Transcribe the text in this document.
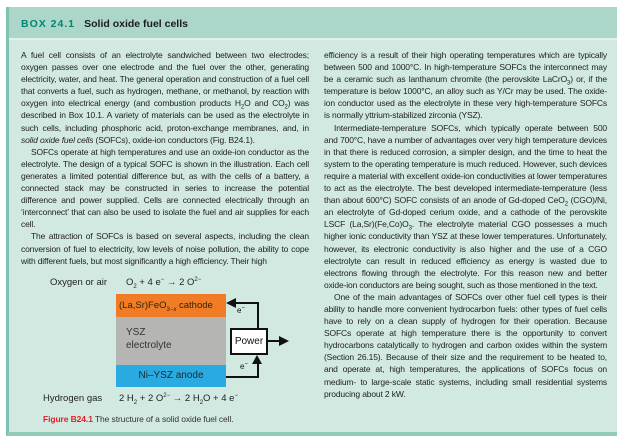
BOX 24.1 Solid oxide fuel cells

A fuel cell consists of an electrolyte sandwiched between two electrodes; oxygen passes over one electrode and the fuel over the other, generating electricity, water, and heat. The general operation and construction of a fuel cell that converts a fuel, such as hydrogen, methane, or methanol, by reaction with oxygen into electrical energy (and combustion products $H_2O$ and $CO_2$) was described in Box 10.1. A variety of materials can be used as the electrolyte in such cells, including phosphoric acid, proton-exchange membranes, and, in solid oxide fuel cells (SOFCs), oxide-ion conductors (Fig. B24.1).

SOFCs operate at high temperatures and use an oxide-ion conductor as the electrolyte. The design of a typical SOFC is shown in the illustration. Each cell generates a limited potential difference but, as with the cells of a battery, a connected stack may be constructed in series to increase the potential difference and power supplied. Cells are connected electrically through an ‘interconnect’ that can also be used to isolate the fuel and air supplies for each cell.

The attraction of SOFCs is based on several aspects, including the clean conversion of fuel to electricity, low levels of noise pollution, the ability to cope with different fuels, but most significantly a high efficiency. Their high

Oxygen or air $O_2 + 4$ e− → 2 $O^{2-}$
(La,Sr)FeO$_{3-x}$ cathode
YSZ
electrolyte
Ni–YSZ anode
e−
Power
e−
Hydrogen gas 2 $H_2 + 2$ $O^{2-} \to 2$ $H_2O + 4$ e−
Figure B24.1 The structure of a solid oxide fuel cell.

efficiency is a result of their high operating temperatures which are typically between 500 and 1000°C. In high-temperature SOFCs the interconnect may be a ceramic such as lanthanum chromite (the perovskite LaCrO$_3$) or, if the temperature is below 1000°C, an alloy such as Y/Cr may be used. The oxide-ion conductor used as the electrolyte in these very high-temperature SOFCs is normally yttrium-stabilized zirconia (YSZ).

Intermediate-temperature SOFCs, which typically operate between 500 and 700°C, have a number of advantages over very high temperature devices in that there is reduced corrosion, a simpler design, and the time to heat the system to the operating temperature is much reduced. However, such devices require a material with excellent oxide-ion conductivities at lower temperatures to act as the electrolyte. The best developed intermediate-temperature (less than about 600°C) SOFC consists of an anode of Gd-doped CeO$_2$ (CGO)/Ni, an electrolyte of Gd-doped cerium oxide, and a cathode of the perovskite LSCF $(La,Sr)(Fe,Co)O_3$. The electrolyte material CGO possesses a much higher ionic conductivity than YSZ at these lower temperatures. Unfortunately, however, its electronic conductivity is also higher and the use of a CGO electrolyte can result in reduced efficiency as energy is wasted due to electrons flowing through the electrolyte. For this reason new and better oxide-ion conductors are being sought, such as those mentioned in the text.

One of the main advantages of SOFCs over other fuel cell types is their ability to handle more convenient hydrocarbon fuels: other types of fuel cells have to rely on a clean supply of hydrogen for their operation. Because SOFCs operate at high temperature there is the opportunity to convert hydrocarbons catalytically to hydrogen and carbon oxides within the system (Section 26.15). Because of their size and the requirement to be heated to, and operate at, high temperatures, the applications of SOFCs focus on medium- to large-scale static systems, including small residential systems producing about 2 kW.
